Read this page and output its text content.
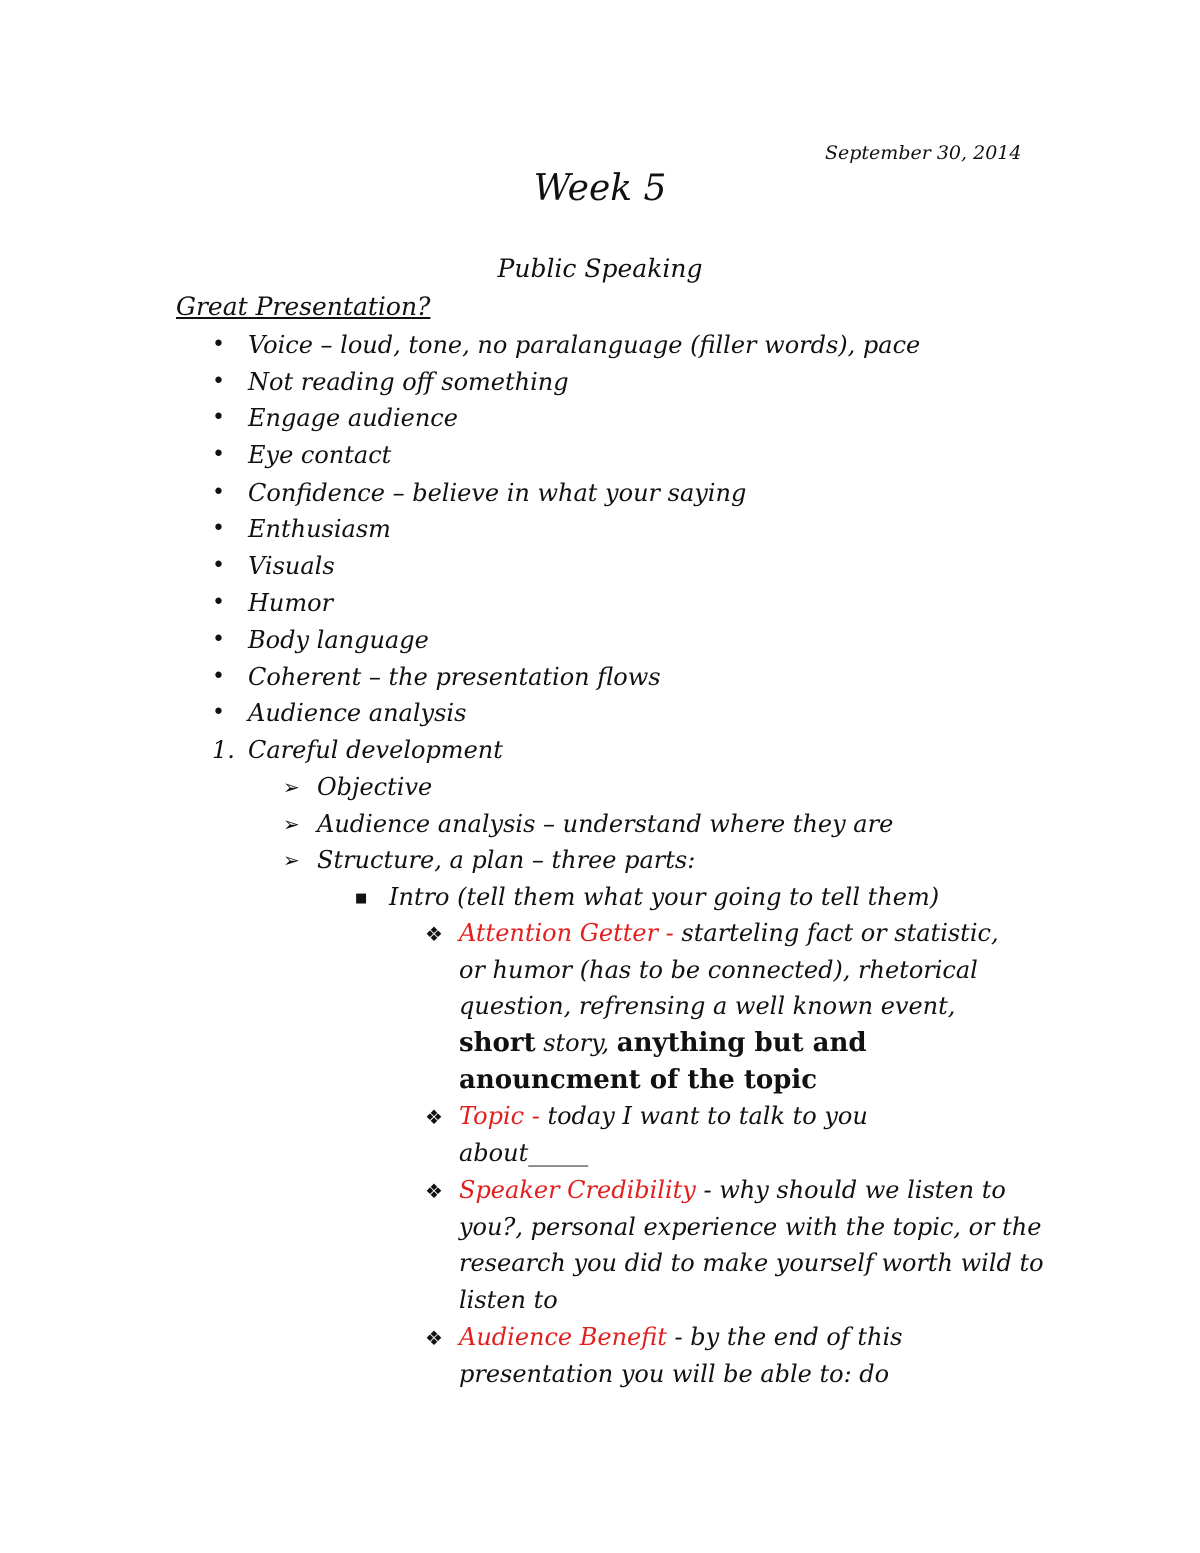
September 30, 2014
Week 5
Public Speaking
Great Presentation?
• Voice – loud, tone, no paralanguage (filler words), pace
• Not reading off something
• Engage audience
• Eye contact
• Confidence – believe in what your saying
• Enthusiasm
• Visuals
• Humor
• Body language
• Coherent – the presentation flows
• Audience analysis
1. Careful development
➢ Objective
➢ Audience analysis – understand where they are
➢ Structure, a plan – three parts:
■ Intro (tell them what your going to tell them)
❖ Attention Getter - starteling fact or statistic, or humor (has to be connected), rhetorical question, refrensing a well known event, short story, anything but and anouncment of the topic
❖ Topic - today I want to talk to you about_____
❖ Speaker Credibility - why should we listen to you?, personal experience with the topic, or the research you did to make yourself worth wild to listen to
❖ Audience Benefit - by the end of this presentation you will be able to: do
